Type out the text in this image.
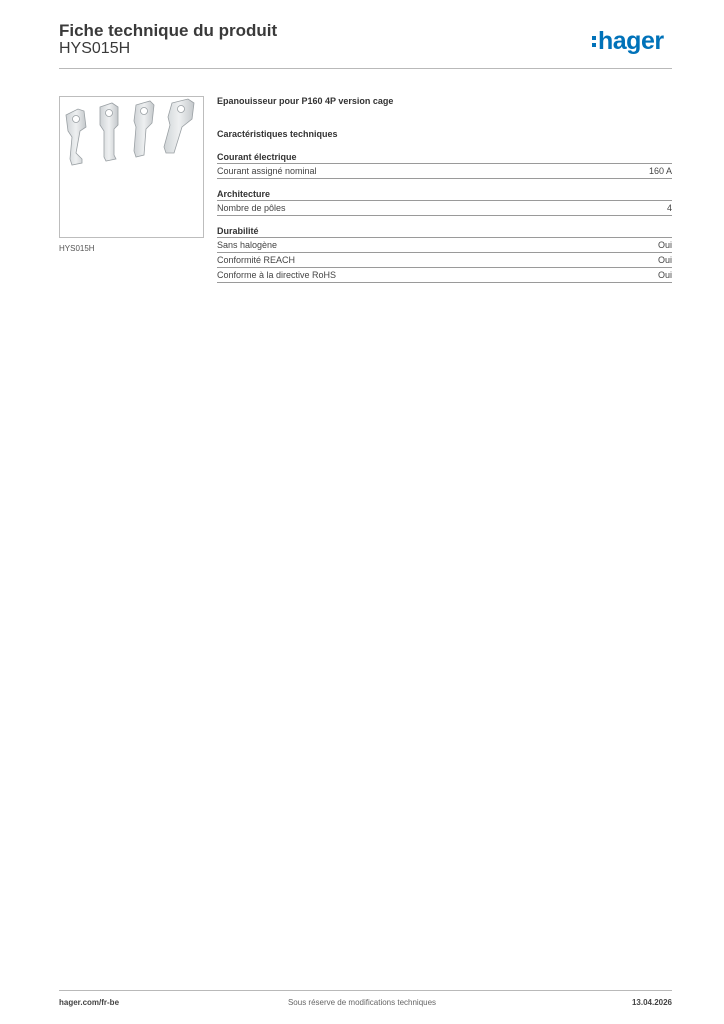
Fiche technique du produit
HYS015H	hager
HYS015H
Epanouisseur pour P160 4P version cage
Caractéristiques techniques
Courant électrique
Courant assigné nominal	160 A
Architecture
Nombre de pôles	4
Durabilité
Sans halogène	Oui
Conformité REACH	Oui
Conforme à la directive RoHS	Oui
hager.com/fr-be	Sous réserve de modifications techniques	13.04.2026
